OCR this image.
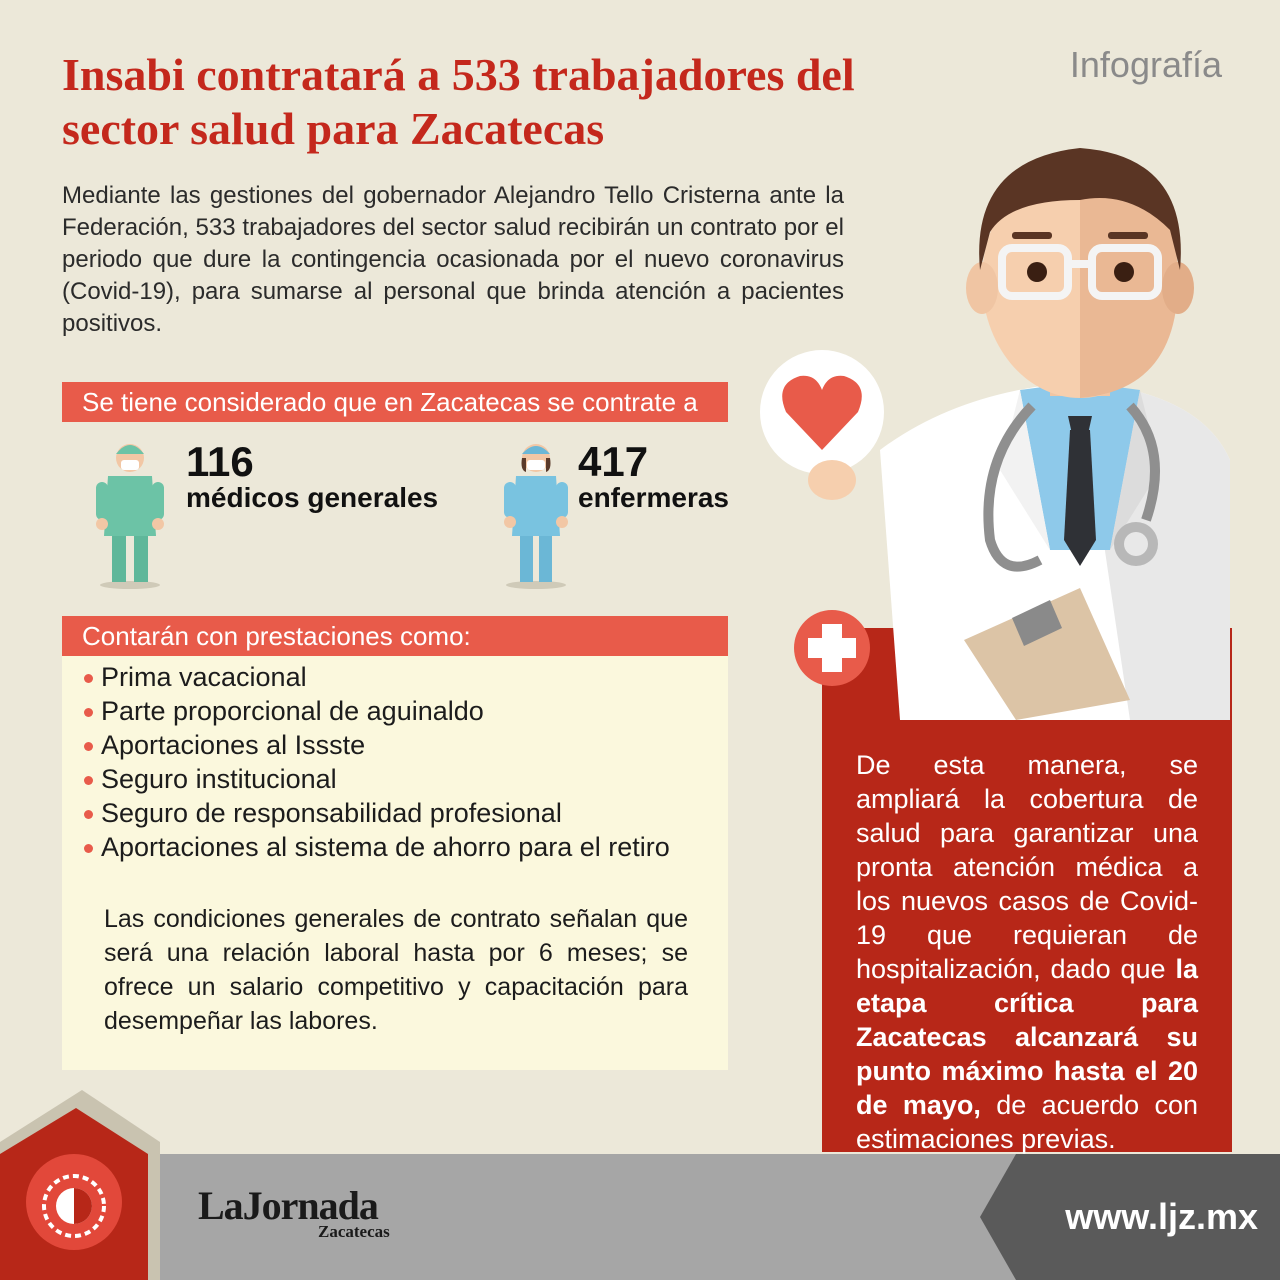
Insabi contratará a 533 trabajadores del sector salud para Zacatecas
Infografía

Mediante las gestiones del gobernador Alejandro Tello Cristerna ante la Federación, 533 trabajadores del sector salud recibirán un contrato por el periodo que dure la contingencia ocasionada por el nuevo coronavirus (Covid-19), para sumarse al personal que brinda atención a pacientes positivos.

Se tiene considerado que en Zacatecas se contrate a
116
médicos generales
417
enfermeras
Contarán con prestaciones como:
Prima vacacional
Parte proporcional de aguinaldo
Aportaciones al Issste
Seguro institucional
Seguro de responsabilidad profesional
Aportaciones al sistema de ahorro para el retiro

Las condiciones generales de contrato señalan que será una relación laboral hasta por 6 meses; se ofrece un salario competitivo y capacitación para desempeñar las labores.

De esta manera, se ampliará la cobertura de salud para garantizar una pronta atención médica a los nuevos casos de Covid-19 que requieran de hospitalización, dado que la etapa crítica para Zacatecas alcanzará su punto máximo hasta el 20 de mayo, de acuerdo con estimaciones previas.

LaJornada
Zacatecas	www.ljz.mx
